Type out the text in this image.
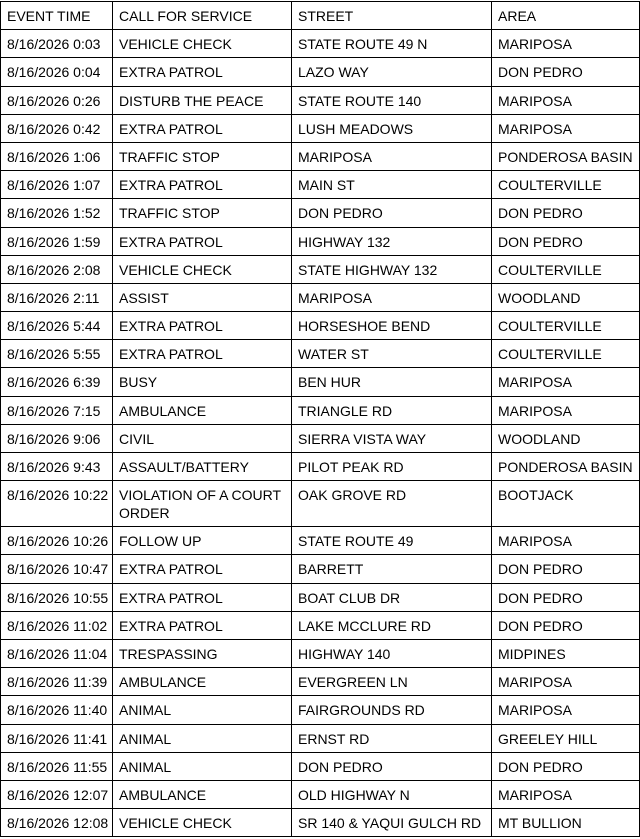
EVENT TIME	CALL FOR SERVICE	STREET	AREA
8/16/2026 0:03	VEHICLE CHECK	STATE ROUTE 49 N	MARIPOSA
8/16/2026 0:04	EXTRA PATROL	LAZO WAY	DON PEDRO
8/16/2026 0:26	DISTURB THE PEACE	STATE ROUTE 140	MARIPOSA
8/16/2026 0:42	EXTRA PATROL	LUSH MEADOWS	MARIPOSA
8/16/2026 1:06	TRAFFIC STOP	MARIPOSA	PONDEROSA BASIN
8/16/2026 1:07	EXTRA PATROL	MAIN ST	COULTERVILLE
8/16/2026 1:52	TRAFFIC STOP	DON PEDRO	DON PEDRO
8/16/2026 1:59	EXTRA PATROL	HIGHWAY 132	DON PEDRO
8/16/2026 2:08	VEHICLE CHECK	STATE HIGHWAY 132	COULTERVILLE
8/16/2026 2:11	ASSIST	MARIPOSA	WOODLAND
8/16/2026 5:44	EXTRA PATROL	HORSESHOE BEND	COULTERVILLE
8/16/2026 5:55	EXTRA PATROL	WATER ST	COULTERVILLE
8/16/2026 6:39	BUSY	BEN HUR	MARIPOSA
8/16/2026 7:15	AMBULANCE	TRIANGLE RD	MARIPOSA
8/16/2026 9:06	CIVIL	SIERRA VISTA WAY	WOODLAND
8/16/2026 9:43	ASSAULT/BATTERY	PILOT PEAK RD	PONDEROSA BASIN
8/16/2026 10:22	VIOLATION OF A COURT ORDER	OAK GROVE RD	BOOTJACK
8/16/2026 10:26	FOLLOW UP	STATE ROUTE 49	MARIPOSA
8/16/2026 10:47	EXTRA PATROL	BARRETT	DON PEDRO
8/16/2026 10:55	EXTRA PATROL	BOAT CLUB DR	DON PEDRO
8/16/2026 11:02	EXTRA PATROL	LAKE MCCLURE RD	DON PEDRO
8/16/2026 11:04	TRESPASSING	HIGHWAY 140	MIDPINES
8/16/2026 11:39	AMBULANCE	EVERGREEN LN	MARIPOSA
8/16/2026 11:40	ANIMAL	FAIRGROUNDS RD	MARIPOSA
8/16/2026 11:41	ANIMAL	ERNST RD	GREELEY HILL
8/16/2026 11:55	ANIMAL	DON PEDRO	DON PEDRO
8/16/2026 12:07	AMBULANCE	OLD HIGHWAY N	MARIPOSA
8/16/2026 12:08	VEHICLE CHECK	SR 140 & YAQUI GULCH RD	MT BULLION
